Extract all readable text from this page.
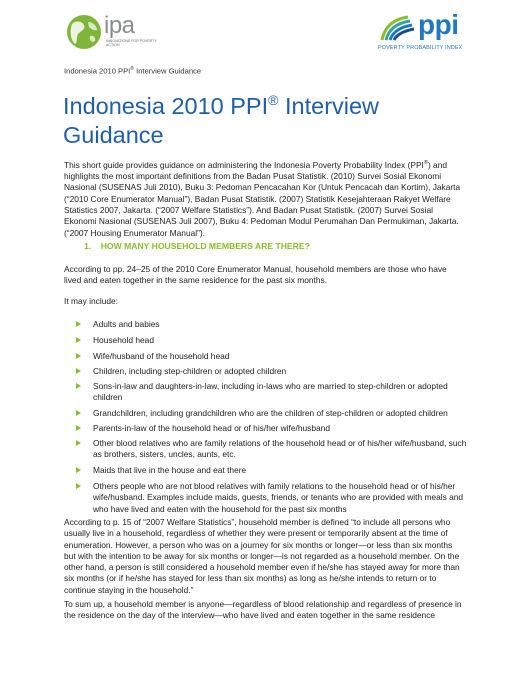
ipa
INNOVATIONS FOR POVERTY ACTION
ppi
POVERTY PROBABILITY INDEX
Indonesia 2010 PPI® Interview Guidance
Indonesia 2010 PPI® Interview Guidance

This short guide provides guidance on administering the Indonesia Poverty Probability Index (PPI®) and highlights the most important definitions from the Badan Pusat Statistik. (2010) Survei Sosial Ekonomi Nasional (SUSENAS Juli 2010), Buku 3: Pedoman Pencacahan Kor (Untuk Pencacah dan Kortim), Jakarta (“2010 Core Enumerator Manual”), Badan Pusat Statistik. (2007) Statistik Kesejahteraan Rakyet Welfare Statistics 2007, Jakarta. (“2007 Welfare Statistics”). And Badan Pusat Statistik. (2007) Survei Sosial Ekonomi Nasional (SUSENAS Juli 2007), Buku 4: Pedoman Modul Perumahan Dan Permukiman, Jakarta. (“2007 Housing Enumerator Manual”).

1.    HOW MANY HOUSEHOLD MEMBERS ARE THERE?

According to pp. 24–25 of the 2010 Core Enumerator Manual, household members are those who have lived and eaten together in the same residence for the past six months.

It may include:

Adults and babies
Household head
Wife/husband of the household head
Children, including step-children or adopted children
Sons-in-law and daughters-in-law, including in-laws who are married to step-children or adopted children
Grandchildren, including grandchildren who are the children of step-children or adopted children
Parents-in-law of the household head or of his/her wife/husband
Other blood relatives who are family relations of the household head or of his/her wife/husband, such as brothers, sisters, uncles, aunts, etc.
Maids that live in the house and eat there
Others people who are not blood relatives with family relations to the household head or of his/her wife/husband. Examples include maids, guests, friends, or tenants who are provided with meals and who have lived and eaten with the household for the past six months

According to p. 15 of “2007 Welfare Statistics”, household member is defined “to include all persons who usually live in a household, regardless of whether they were present or temporarily absent at the time of enumeration. However, a person who was on a journey for six months or longer—or less than six months but with the intention to be away for six months or longer—is not regarded as a household member. On the other hand, a person is still considered a household member even if he/she has stayed away for more than six months (or if he/she has stayed for less than six months) as long as he/she intends to return or to continue staying in the household.”

To sum up, a household member is anyone—regardless of blood relationship and regardless of presence in the residence on the day of the interview—who have lived and eaten together in the same residence
